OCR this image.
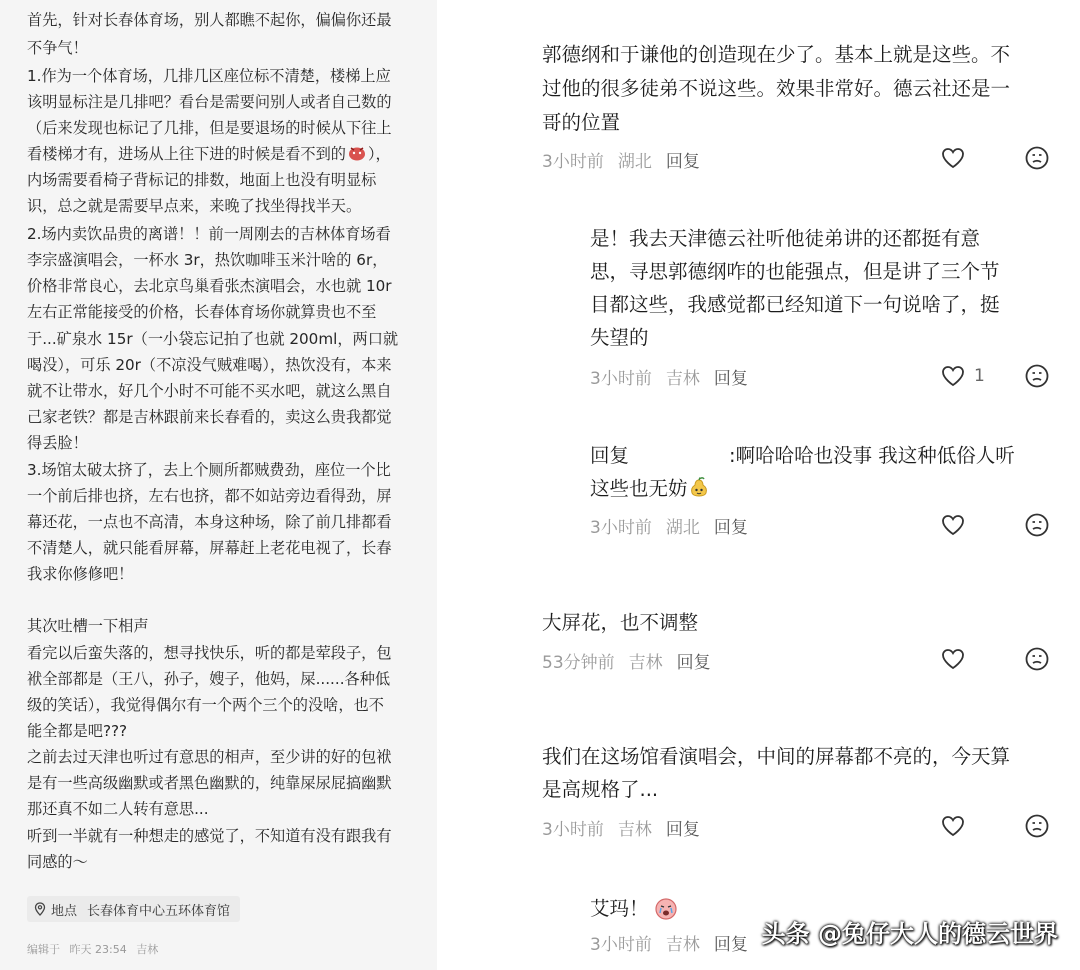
首先，针对长春体育场，别人都瞧不起你，偏偏你还最
不争气！
1.作为一个体育场，几排几区座位标不清楚，楼梯上应
该明显标注是几排吧？看台是需要问别人或者自己数的
（后来发现也标记了几排，但是要退场的时候从下往上
看楼梯才有，进场从上往下进的时候是看不到的 ），
内场需要看椅子背标记的排数，地面上也没有明显标
识，总之就是需要早点来，来晚了找坐得找半天。
2.场内卖饮品贵的离谱！！前一周刚去的吉林体育场看
李宗盛演唱会，一杯水 3r，热饮咖啡玉米汁啥的 6r，
价格非常良心，去北京鸟巢看张杰演唱会，水也就 10r
左右正常能接受的价格，长春体育场你就算贵也不至
于...矿泉水 15r（一小袋忘记拍了也就 200ml，两口就
喝没），可乐 20r（不凉没气贼难喝），热饮没有，本来
就不让带水，好几个小时不可能不买水吧，就这么黑自
己家老铁？都是吉林跟前来长春看的，卖这么贵我都觉
得丢脸！
3.场馆太破太挤了，去上个厕所都贼费劲，座位一个比
一个前后排也挤，左右也挤，都不如站旁边看得劲，屏
幕还花，一点也不高清，本身这种场，除了前几排都看
不清楚人，就只能看屏幕，屏幕赶上老花电视了，长春
我求你修修吧！
其次吐槽一下相声
看完以后蛮失落的，想寻找快乐，听的都是荤段子，包
袱全部都是（王八，孙子，嫂子，他妈，屎......各种低
级的笑话），我觉得偶尔有一个两个三个的没啥，也不
能全都是吧???
之前去过天津也听过有意思的相声，至少讲的好的包袱
是有一些高级幽默或者黑色幽默的，纯靠屎尿屁搞幽默
那还真不如二人转有意思...
听到一半就有一种想走的感觉了，不知道有没有跟我有
同感的～
地点 长春体育中心五环体育馆
编辑于 昨天 23:54 吉林
郭德纲和于谦他的创造现在少了。基本上就是这些。不
过他的很多徒弟不说这些。效果非常好。德云社还是一
哥的位置
3小时前 湖北 回复
是！我去天津德云社听他徒弟讲的还都挺有意
思，寻思郭德纲咋的也能强点，但是讲了三个节
目都这些，我感觉都已经知道下一句说啥了，挺
失望的
3小时前 吉林 回复	1
回复	:啊哈哈哈也没事 我这种低俗人听
这些也无妨
3小时前 湖北 回复
大屏花，也不调整
53分钟前 吉林 回复
我们在这场馆看演唱会，中间的屏幕都不亮的，今天算
是高规格了...
3小时前 吉林 回复
艾玛！
3小时前 吉林 回复 头条 @兔仔大人的德云世界
